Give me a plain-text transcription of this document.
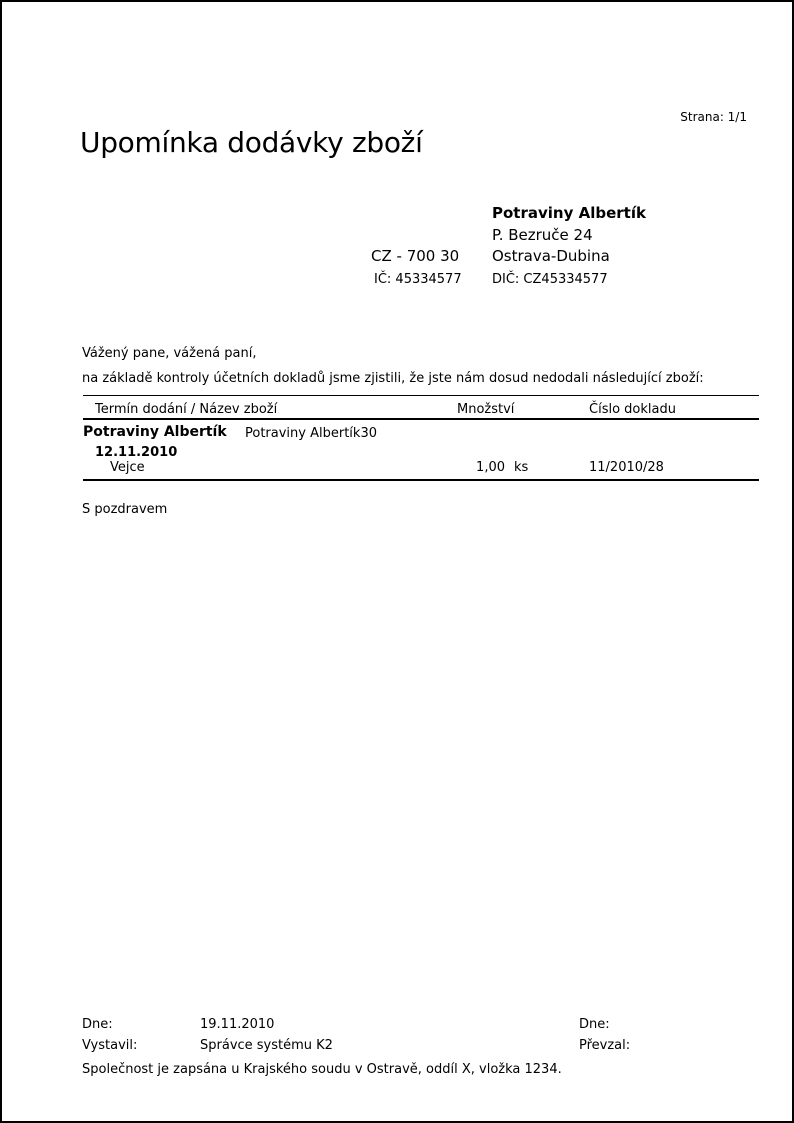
Strana: 1/1
Upomínka dodávky zboží
Potraviny Albertík
P. Bezruče 24
CZ - 700 30 Ostrava-Dubina
IČ: 45334577 DIČ: CZ45334577
Vážený pane, vážená paní,
na základě kontroly účetních dokladů jsme zjistili, že jste nám dosud nedodali následující zboží:
Termín dodání / Název zboží	Množství	Číslo dokladu
Potraviny Albertík Potraviny Albertík30
12.11.2010
Vejce	1,00 ks	11/2010/28
S pozdravem
Dne:	19.11.2010
Vystavil:	Správce systému K2
Dne:
Převzal:
Společnost je zapsána u Krajského soudu v Ostravě, oddíl X, vložka 1234.
